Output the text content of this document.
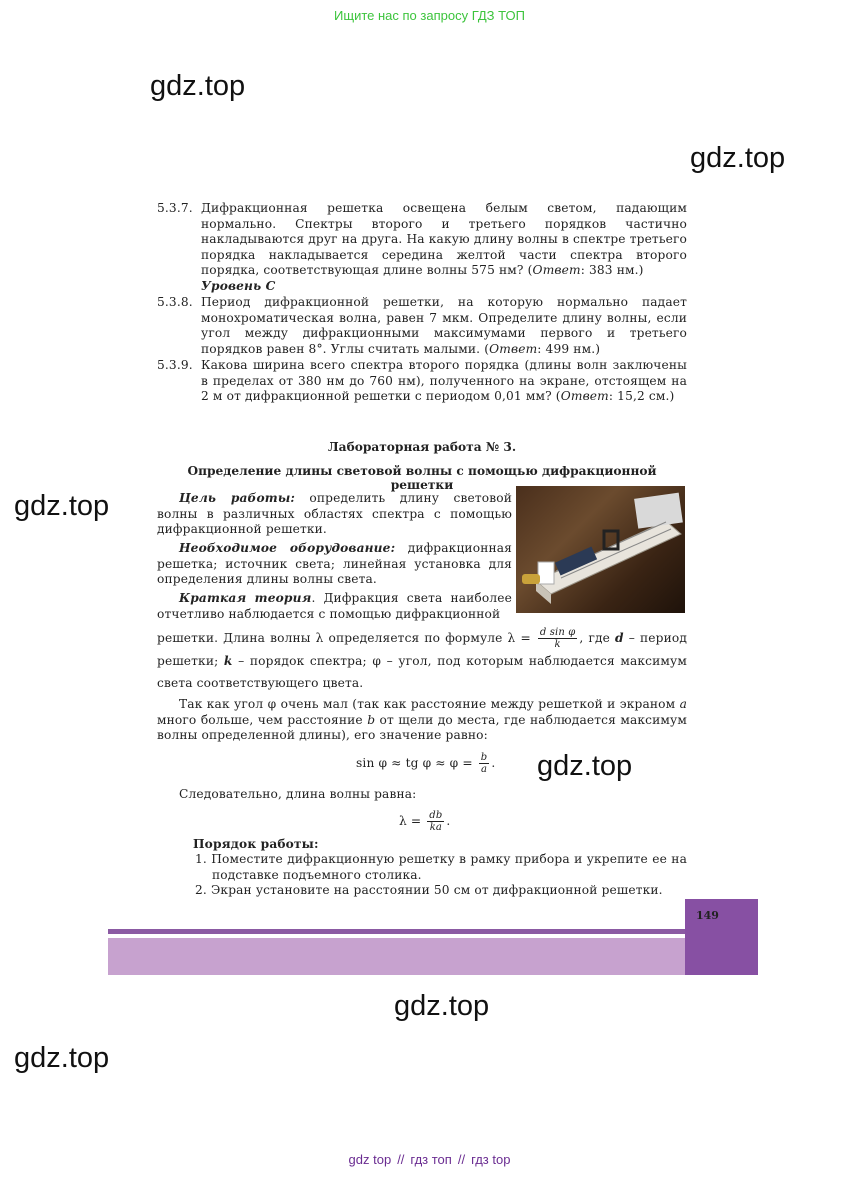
Ищите нас по запросу ГДЗ ТОП
gdz.top
gdz.top
gdz.top
gdz.top
gdz.top
gdz.top
5.3.7. Дифракционная решетка освещена белым светом, падающим нормально. Спектры второго и третьего порядков частично накладываются друг на друга. На какую длину волны в спектре третьего порядка накладывается середина желтой части спектра второго порядка, соответствующая длине волны 575 нм? (Ответ: 383 нм.)
Уровень С
5.3.8. Период дифракционной решетки, на которую нормально падает монохроматическая волна, равен 7 мкм. Определите длину волны, если угол между дифракционными максимумами первого и третьего порядков равен 8°. Углы считать малыми. (Ответ: 499 нм.)
5.3.9. Какова ширина всего спектра второго порядка (длины волн заключены в пределах от 380 нм до 760 нм), полученного на экране, отстоящем на 2 м от дифракционной решетки с периодом 0,01 мм? (Ответ: 15,2 см.)
Лабораторная работа № 3.
Определение длины световой волны с помощью дифракционной решетки
Цель работы: определить длину световой волны в различных областях спектра с помощью дифракционной решетки.
Необходимое оборудование: дифракционная решетка; источник света; линейная установка для определения длины волны света.
Краткая теория. Дифракция света наиболее отчетливо наблюдается с помощью дифракционной
решетки. Длина волны λ определяется по формуле $\lambda = \frac{\text{d sin φ}}{k}$ , где d – период решетки; k – порядок спектра; φ – угол, под которым наблюдается максимум света соответствующего цвета.
Так как угол φ очень мал (так как расстояние между решеткой и экраном a много больше, чем расстояние b от щели до места, где наблюдается максимум волны определенной длины), его значение равно:
sin φ ≈ tg $\varphi \approx \varphi = \frac{b}{a}$ .
Следовательно, длина волны равна:
$\lambda = \frac{db}{ka}$ .
Порядок работы:
1. Поместите дифракционную решетку в рамку прибора и укрепите ее на подставке подъемного столика.
2. Экран установите на расстоянии 50 см от дифракционной решетки.
149
gdz top // гдз топ // гдз top
